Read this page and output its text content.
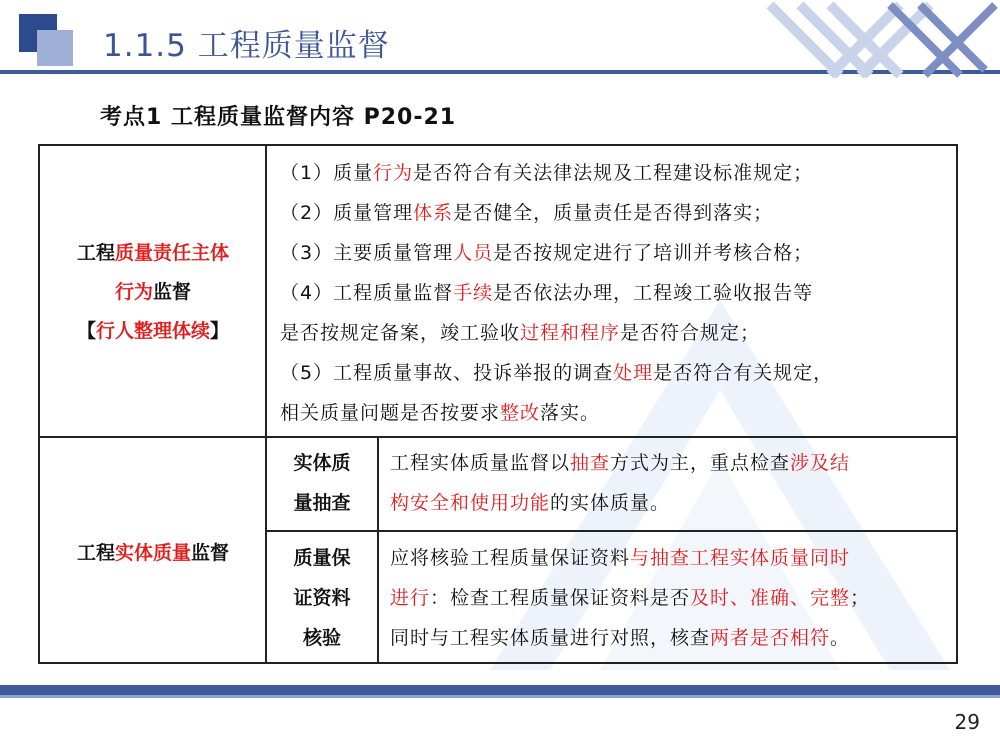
1.1.5 工程质量监督
考点1 工程质量监督内容 P20-21
工程质量责任主体
行为监督
【行人整理体续】
（1）质量行为是否符合有关法律法规及工程建设标准规定；
（2）质量管理体系是否健全，质量责任是否得到落实；
（3）主要质量管理人员是否按规定进行了培训并考核合格；
（4）工程质量监督手续是否依法办理，工程竣工验收报告等
是否按规定备案，竣工验收过程和程序是否符合规定；
（5）工程质量事故、投诉举报的调查处理是否符合有关规定，
相关质量问题是否按要求整改落实。
工程实体质量监督
实体质
量抽查
工程实体质量监督以抽查方式为主，重点检查涉及结
构安全和使用功能的实体质量。
质量保
证资料
核验
应将核验工程质量保证资料与抽查工程实体质量同时
进行：检查工程质量保证资料是否及时、准确、完整；
同时与工程实体质量进行对照，核查两者是否相符。
29
